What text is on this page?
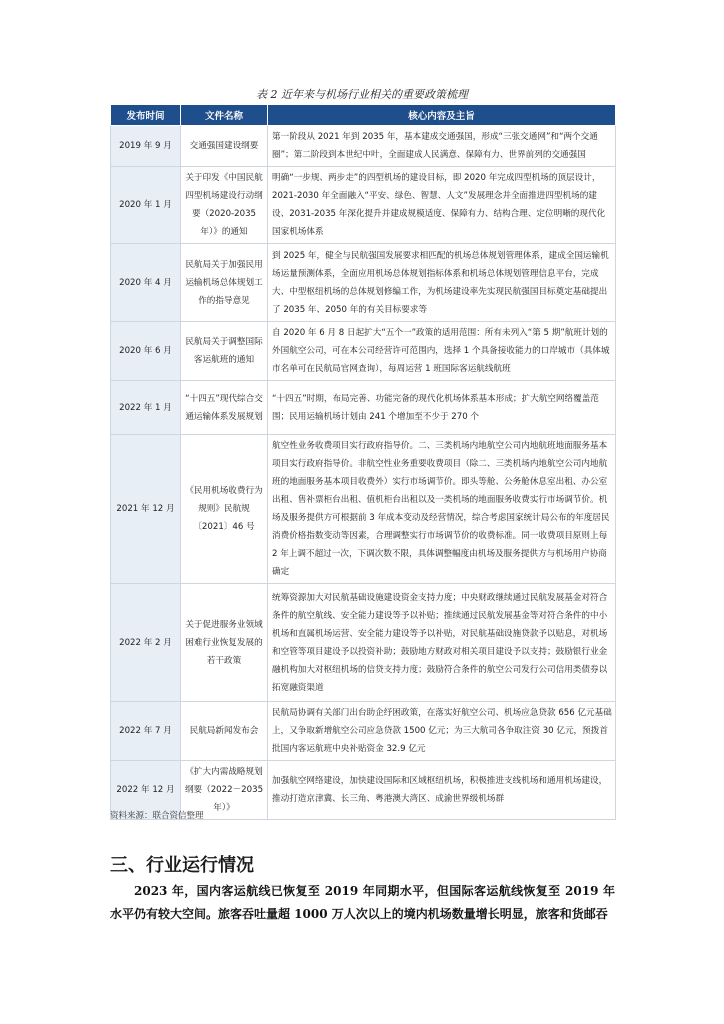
表 2 近年来与机场行业相关的重要政策梳理
发布时间	文件名称	核心内容及主旨
2019 年 9 月	交通强国建设纲要	第一阶段从 2021 年到 2035 年，基本建成交通强国，形成“三张交通网”和“两个交通圈”；第二阶段到本世纪中叶，全面建成人民满意、保障有力、世界前列的交通强国
2020 年 1 月	关于印发《中国民航四型机场建设行动纲要（2020-2035 年）》的通知	明确“一步规、两步走”的四型机场的建设目标，即 2020 年完成四型机场的顶层设计，2021-2030 年全面融入“平安、绿色、智慧、人文”发展理念并全面推进四型机场的建设、2031-2035 年深化提升并建成规模适度、保障有力、结构合理、定位明晰的现代化国家机场体系
2020 年 4 月	民航局关于加强民用运输机场总体规划工作的指导意见	到 2025 年，健全与民航强国发展要求相匹配的机场总体规划管理体系，建成全国运输机场运量预测体系，全面应用机场总体规划指标体系和机场总体规划管理信息平台，完成大、中型枢纽机场的总体规划修编工作，为机场建设率先实现民航强国目标奠定基础提出了 2035 年、2050 年的有关目标要求等
2020 年 6 月	民航局关于调整国际客运航班的通知	自 2020 年 6 月 8 日起扩大“五个一”政策的适用范围：所有未列入“第 5 期”航班计划的外国航空公司，可在本公司经营许可范围内，选择 1 个具备接收能力的口岸城市（具体城市名单可在民航局官网查询），每周运营 1 班国际客运航线航班
2022 年 1 月	“十四五”现代综合交通运输体系发展规划	“十四五”时期，布局完善、功能完备的现代化机场体系基本形成；扩大航空网络覆盖范围；民用运输机场计划由 241 个增加至不少于 270 个
2021 年 12 月	《民用机场收费行为规则》民航规〔2021〕46 号	航空性业务收费项目实行政府指导价。二、三类机场内地航空公司内地航班地面服务基本项目实行政府指导价。非航空性业务重要收费项目（除二、三类机场内地航空公司内地航班的地面服务基本项目收费外）实行市场调节价。即头等舱、公务舱休息室出租、办公室出租、售补票柜台出租、值机柜台出租以及一类机场的地面服务收费实行市场调节价。机场及服务提供方可根据前 3 年成本变动及经营情况，综合考虑国家统计局公布的年度居民消费价格指数变动等因素，合理调整实行市场调节价的收费标准。同一收费项目原则上每 2 年上调不超过一次，下调次数不限，具体调整幅度由机场及服务提供方与机场用户协商确定
2022 年 2 月	关于促进服务业领域困难行业恢复发展的若干政策	统筹资源加大对民航基础设施建设资金支持力度；中央财政继续通过民航发展基金对符合条件的航空航线、安全能力建设等予以补贴；推续通过民航发展基金等对符合条件的中小机场和直属机场运营、安全能力建设等予以补贴，对民航基础设施贷款予以贴息，对机场和空管等项目建设予以投资补助；鼓励地方财政对相关项目建设予以支持；鼓励银行业金融机构加大对枢纽机场的信贷支持力度；鼓励符合条件的航空公司发行公司信用类债券以拓宽融资渠道
2022 年 7 月	民航局新闻发布会	民航局协调有关部门出台助企纾困政策，在落实好航空公司、机场应急贷款 656 亿元基础上，又争取新增航空公司应急贷款 1500 亿元；为三大航司各争取注资 30 亿元，预拨首批国内客运航班中央补贴资金 32.9 亿元
2022 年 12 月	《扩大内需战略规划纲要（2022－2035 年）》	加强航空网络建设，加快建设国际和区域枢纽机场，积极推进支线机场和通用机场建设，推动打造京津冀、长三角、粤港澳大湾区、成渝世界级机场群
资料来源：联合资信整理
三、行业运行情况
2023 年，国内客运航线已恢复至 2019 年同期水平，但国际客运航线恢复至 2019 年水平仍有较大空间。旅客吞吐量超 1000 万人次以上的境内机场数量增长明显，旅客和货邮吞
